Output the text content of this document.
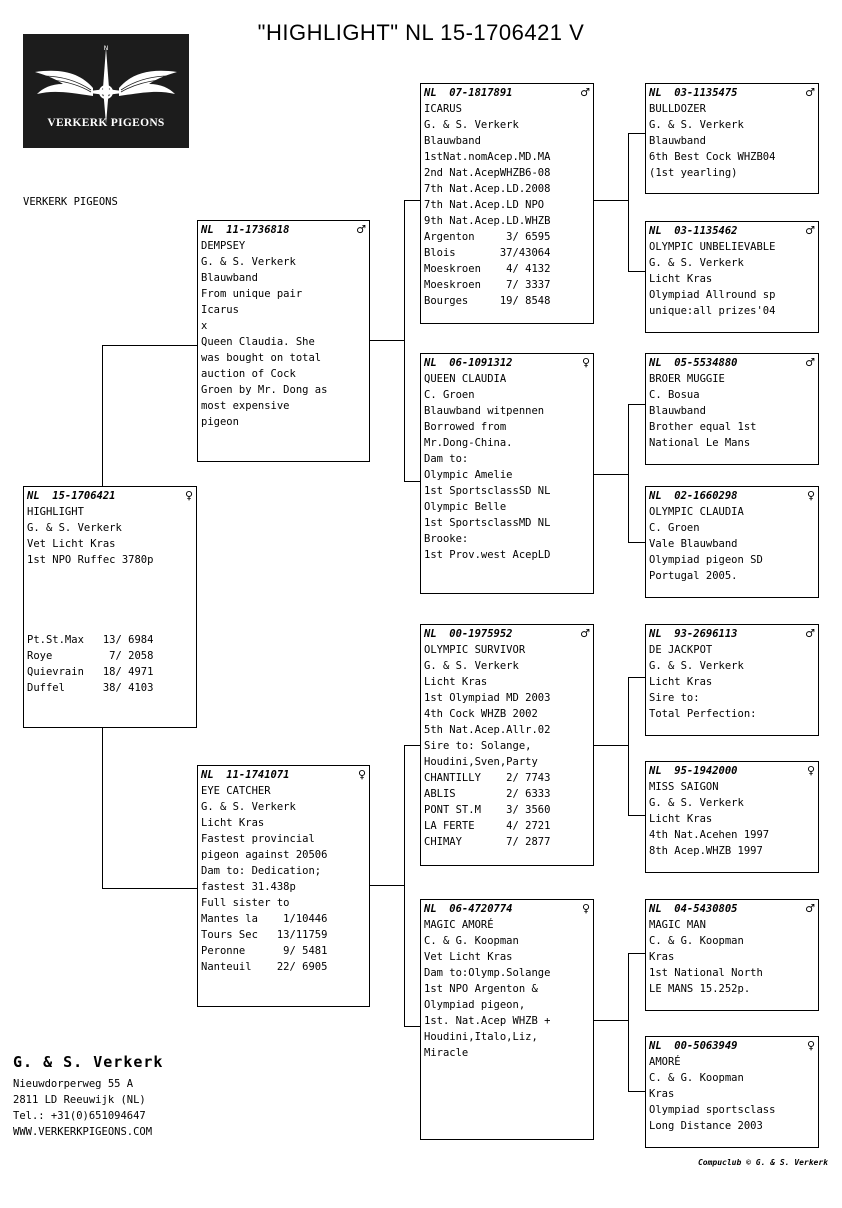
"HIGHLIGHT" NL 15-1706421 V
N
VERKERK PIGEONS
VERKERK PIGEONS
NL  15-1706421	♀
HIGHLIGHT
G. & S. Verkerk
Vet Licht Kras
1st NPO Ruffec 3780p
Pt.St.Max   13/ 6984
Roye         7/ 2058
Quievrain   18/ 4971
Duffel      38/ 4103
NL  11-1736818	♂
DEMPSEY
G. & S. Verkerk
Blauwband
From unique pair
Icarus
x
Queen Claudia. She
was bought on total
auction of Cock
Groen by Mr. Dong as
most expensive
pigeon
NL  11-1741071	♀
EYE CATCHER
G. & S. Verkerk
Licht Kras
Fastest provincial
pigeon against 20506
Dam to: Dedication;
fastest 31.438p
Full sister to
Mantes la    1/10446
Tours Sec   13/11759
Peronne      9/ 5481
Nanteuil    22/ 6905
NL  07-1817891	♂
ICARUS
G. & S. Verkerk
Blauwband
1stNat.nomAcep.MD.MA
2nd Nat.AcepWHZB6-08
7th Nat.Acep.LD.2008
7th Nat.Acep.LD NPO
9th Nat.Acep.LD.WHZB
Argenton     3/ 6595
Blois       37/43064
Moeskroen    4/ 4132
Moeskroen    7/ 3337
Bourges     19/ 8548
NL  06-1091312	♀
QUEEN CLAUDIA
C. Groen
Blauwband witpennen
Borrowed from
Mr.Dong-China.
Dam to:
Olympic Amelie
1st SportsclassSD NL
Olympic Belle
1st SportsclassMD NL
Brooke:
1st Prov.west AcepLD
NL  00-1975952	♂
OLYMPIC SURVIVOR
G. & S. Verkerk
Licht Kras
1st Olympiad MD 2003
4th Cock WHZB 2002
5th Nat.Acep.Allr.02
Sire to: Solange,
Houdini,Sven,Party
CHANTILLY    2/ 7743
ABLIS        2/ 6333
PONT ST.M    3/ 3560
LA FERTE     4/ 2721
CHIMAY       7/ 2877
NL  06-4720774	♀
MAGIC AMORÉ
C. & G. Koopman
Vet Licht Kras
Dam to:Olymp.Solange
1st NPO Argenton &
Olympiad pigeon,
1st. Nat.Acep WHZB +
Houdini,Italo,Liz,
Miracle
NL  03-1135475	♂
BULLDOZER
G. & S. Verkerk
Blauwband
6th Best Cock WHZB04
(1st yearling)
NL  03-1135462	♂
OLYMPIC UNBELIEVABLE
G. & S. Verkerk
Licht Kras
Olympiad Allround sp
unique:all prizes'04
NL  05-5534880	♂
BROER MUGGIE
C. Bosua
Blauwband
Brother equal 1st
National Le Mans
NL  02-1660298	♀
OLYMPIC CLAUDIA
C. Groen
Vale Blauwband
Olympiad pigeon SD
Portugal 2005.
NL  93-2696113	♂
DE JACKPOT
G. & S. Verkerk
Licht Kras
Sire to:
Total Perfection:
NL  95-1942000	♀
MISS SAIGON
G. & S. Verkerk
Licht Kras
4th Nat.Acehen 1997
8th Acep.WHZB 1997
NL  04-5430805	♂
MAGIC MAN
C. & G. Koopman
Kras
1st National North
LE MANS 15.252p.
NL  00-5063949	♀
AMORÉ
C. & G. Koopman
Kras
Olympiad sportsclass
Long Distance 2003
G. & S. Verkerk
Nieuwdorperweg 55 A
2811 LD Reeuwijk (NL)
Tel.: +31(0)651094647
WWW.VERKERKPIGEONS.COM
Compuclub © G. & S. Verkerk
